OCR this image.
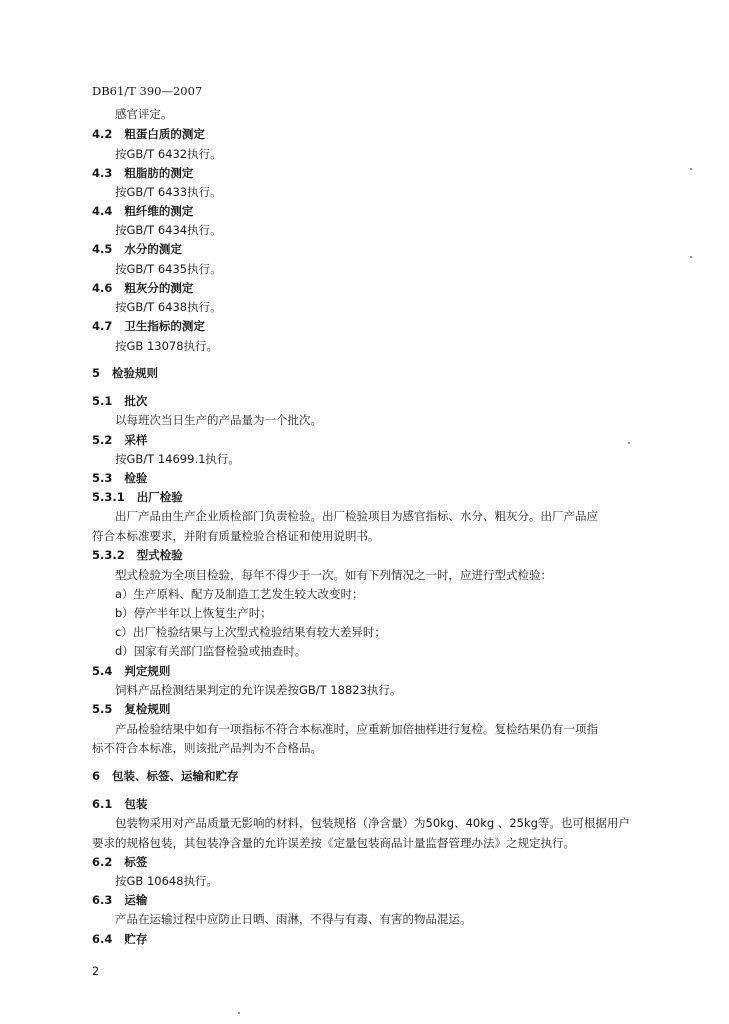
DB61/T 390—2007
感官评定。
4.2 粗蛋白质的测定
按GB/T 6432执行。
4.3 粗脂肪的测定
按GB/T 6433执行。
4.4 粗纤维的测定
按GB/T 6434执行。
4.5 水分的测定
按GB/T 6435执行。
4.6 粗灰分的测定
按GB/T 6438执行。
4.7 卫生指标的测定
按GB 13078执行。
5 检验规则
5.1 批次
以每班次当日生产的产品量为一个批次。
5.2 采样
按GB/T 14699.1执行。
5.3 检验
5.3.1 出厂检验
出厂产品由生产企业质检部门负责检验。出厂检验项目为感官指标、水分、粗灰分。出厂产品应
符合本标准要求，并附有质量检验合格证和使用说明书。
5.3.2 型式检验
型式检验为全项目检验，每年不得少于一次。如有下列情况之一时，应进行型式检验：
a）生产原料、配方及制造工艺发生较大改变时；
b）停产半年以上恢复生产时；
c）出厂检验结果与上次型式检验结果有较大差异时；
d）国家有关部门监督检验或抽查时。
5.4 判定规则
饲料产品检测结果判定的允许误差按GB/T 18823执行。
5.5 复检规则
产品检验结果中如有一项指标不符合本标准时，应重新加倍抽样进行复检。复检结果仍有一项指
标不符合本标准，则该批产品判为不合格品。
6 包装、标签、运输和贮存
6.1 包装
包装物采用对产品质量无影响的材料，包装规格（净含量）为50kg、40kg 、25kg等。也可根据用户
要求的规格包装，其包装净含量的允许误差按《定量包装商品计量监督管理办法》之规定执行。
6.2 标签
按GB 10648执行。
6.3 运输
产品在运输过程中应防止日晒、雨淋，不得与有毒、有害的物品混运。
6.4 贮存
2
